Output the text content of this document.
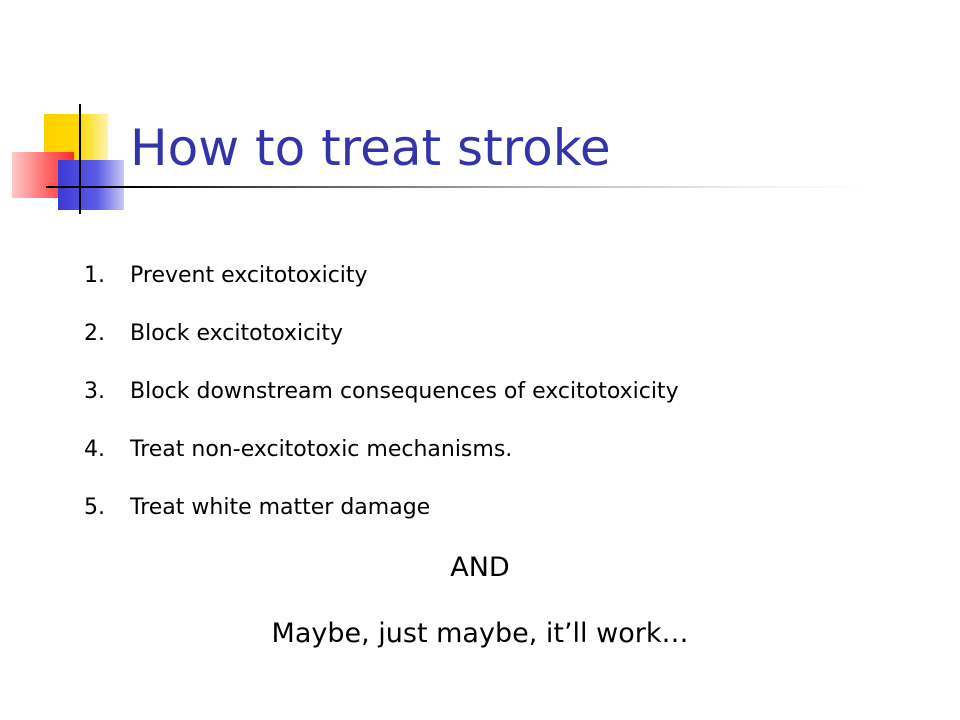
How to treat stroke
1. Prevent excitotoxicity
2. Block excitotoxicity
3. Block downstream consequences of excitotoxicity
4. Treat non-excitotoxic mechanisms.
5. Treat white matter damage
AND
Maybe, just maybe, it’ll work…
